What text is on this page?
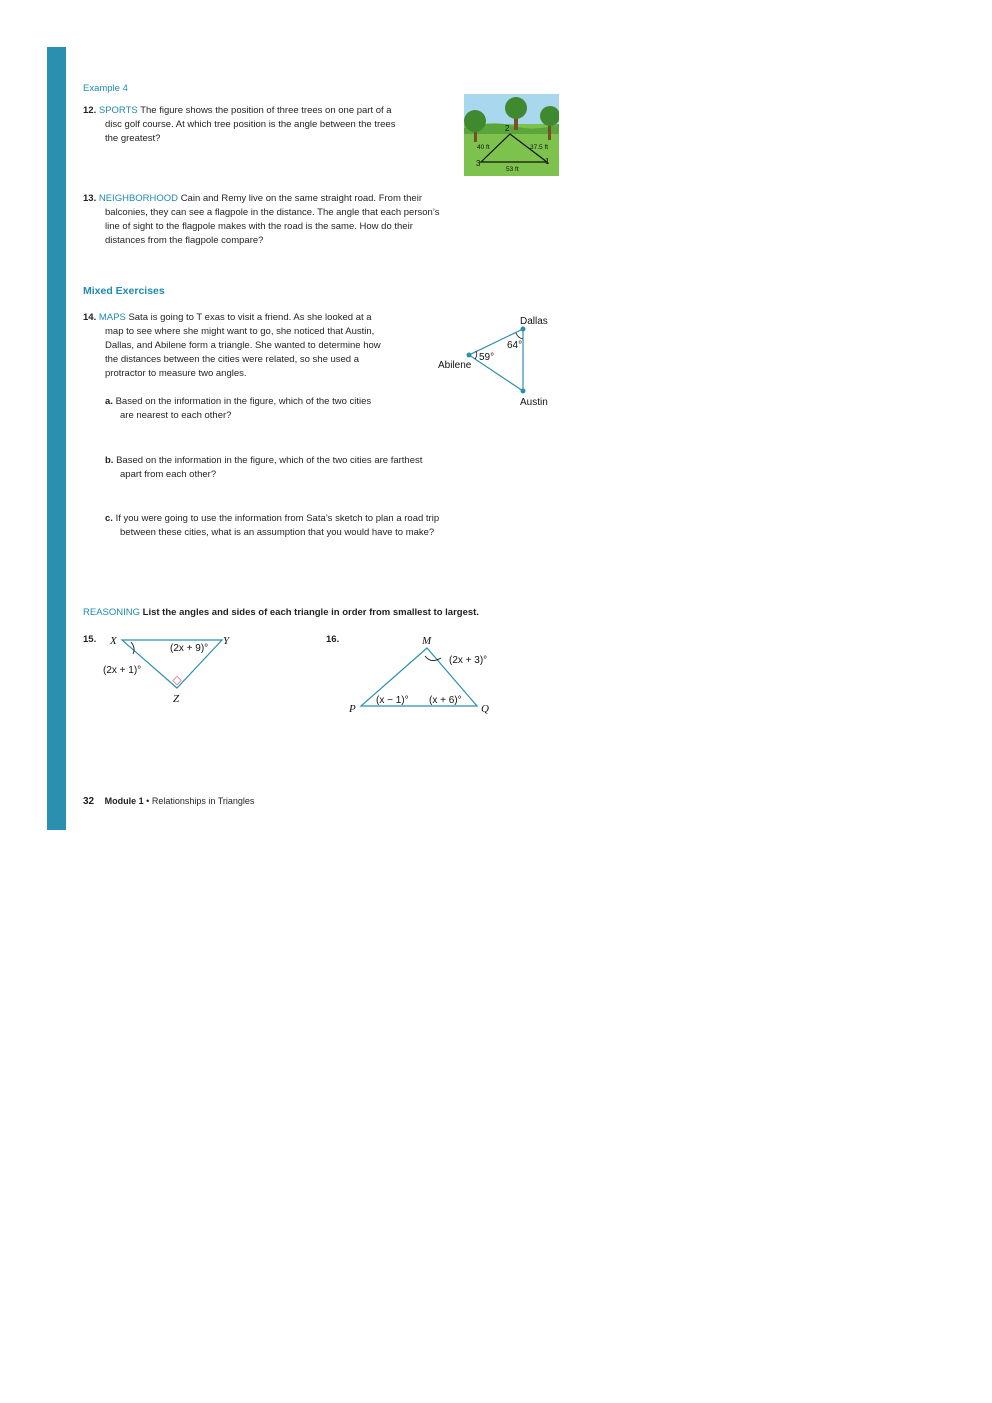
Example 4

12. SPORTS The figure shows the position of three trees on one part of a

disc golf course. At which tree position is the angle between the trees

the greatest?

2
1
3
40 ft	37.5 ft
53 ft

13. NEIGHBORHOOD Cain and Remy live on the same straight road. From their

balconies, they can see a flagpole in the distance. The angle that each person’s

line of sight to the flagpole makes with the road is the same. How do their

distances from the flagpole compare?

Mixed Exercises

14. MAPS Sata is going to T exas to visit a friend. As she looked at a

map to see where she might want to go, she noticed that Austin,

Dallas, and Abilene form a triangle. She wanted to determine how

the distances between the cities were related, so she used a

protractor to measure two angles.

Dallas
Abilene
Austin
64°
59°

a. Based on the information in the figure, which of the two cities

are nearest to each other?

b. Based on the information in the figure, which of the two cities are farthest

apart from each other?

c. If you were going to use the information from Sata’s sketch to plan a road trip

between these cities, what is an assumption that you would have to make?

REASONING List the angles and sides of each triangle in order from smallest to largest.
15. X	Y
Z
(2x + 9)°
(2x + 1)°
16.	M
P	Q
(2x + 3)°
(x − 1)° (x + 6)°
32 Module 1 • Relationships in Triangles
